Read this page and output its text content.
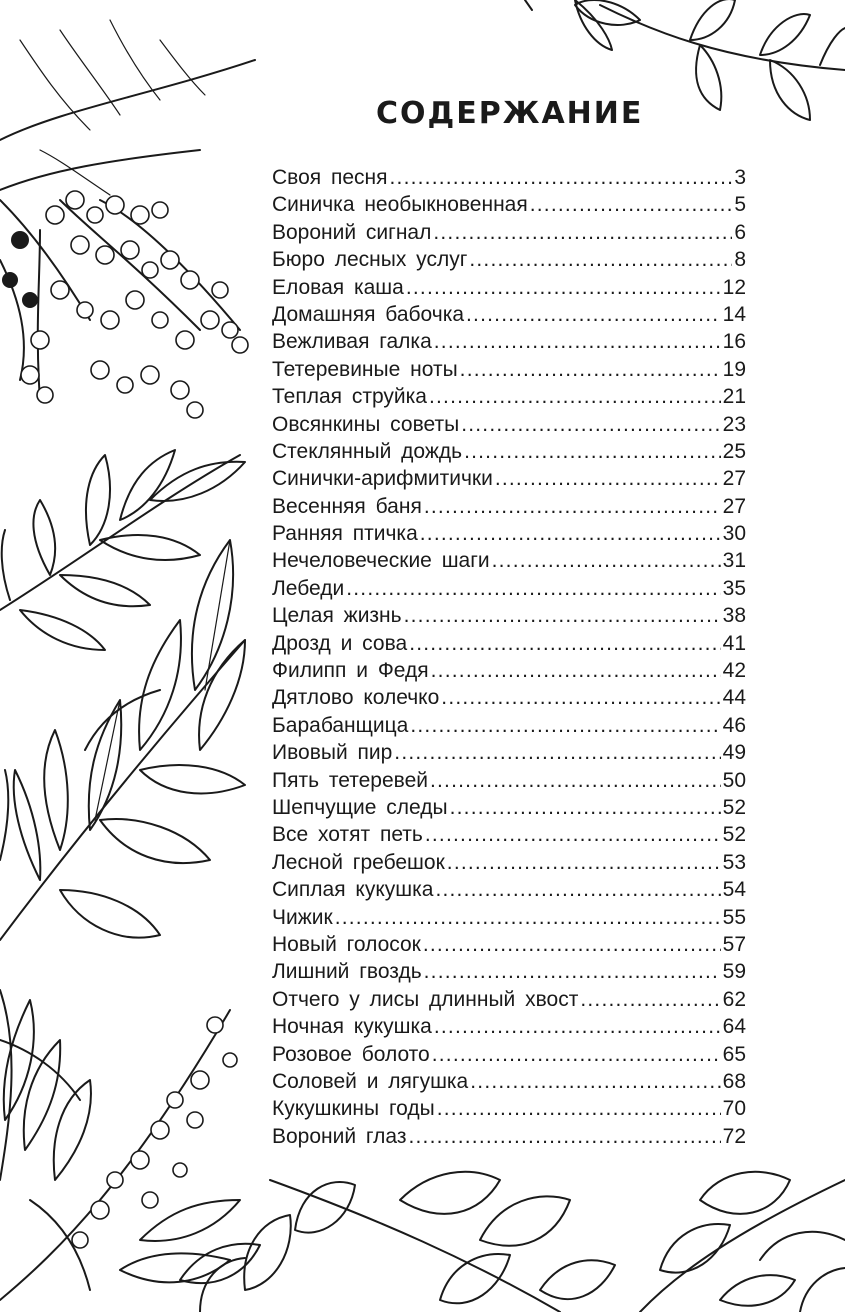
СОДЕРЖАНИЕ
Своя песня .....	3
Синичка необыкновенная .....	5
Вороний сигнал .....	6
Бюро лесных услуг .....	8
Еловая каша .....	12
Домашняя бабочка .....	14
Вежливая галка .....	16
Тетеревиные ноты .....	19
Теплая струйка .....	21
Овсянкины советы .....	23
Стеклянный дождь .....	25
Синички-арифмитички .....	27
Весенняя баня .....	27
Ранняя птичка .....	30
Нечеловеческие шаги .....	31
Лебеди .....	35
Целая жизнь .....	38
Дрозд и сова .....	41
Филипп и Федя .....	42
Дятлово колечко .....	44
Барабанщица .....	46
Ивовый пир .....	49
Пять тетеревей .....	50
Шепчущие следы .....	52
Все хотят петь .....	52
Лесной гребешок .....	53
Сиплая кукушка .....	54
Чижик .....	55
Новый голосок .....	57
Лишний гвоздь .....	59
Отчего у лисы длинный хвост .....	62
Ночная кукушка .....	64
Розовое болото .....	65
Соловей и лягушка .....	68
Кукушкины годы .....	70
Вороний глаз .....	72
